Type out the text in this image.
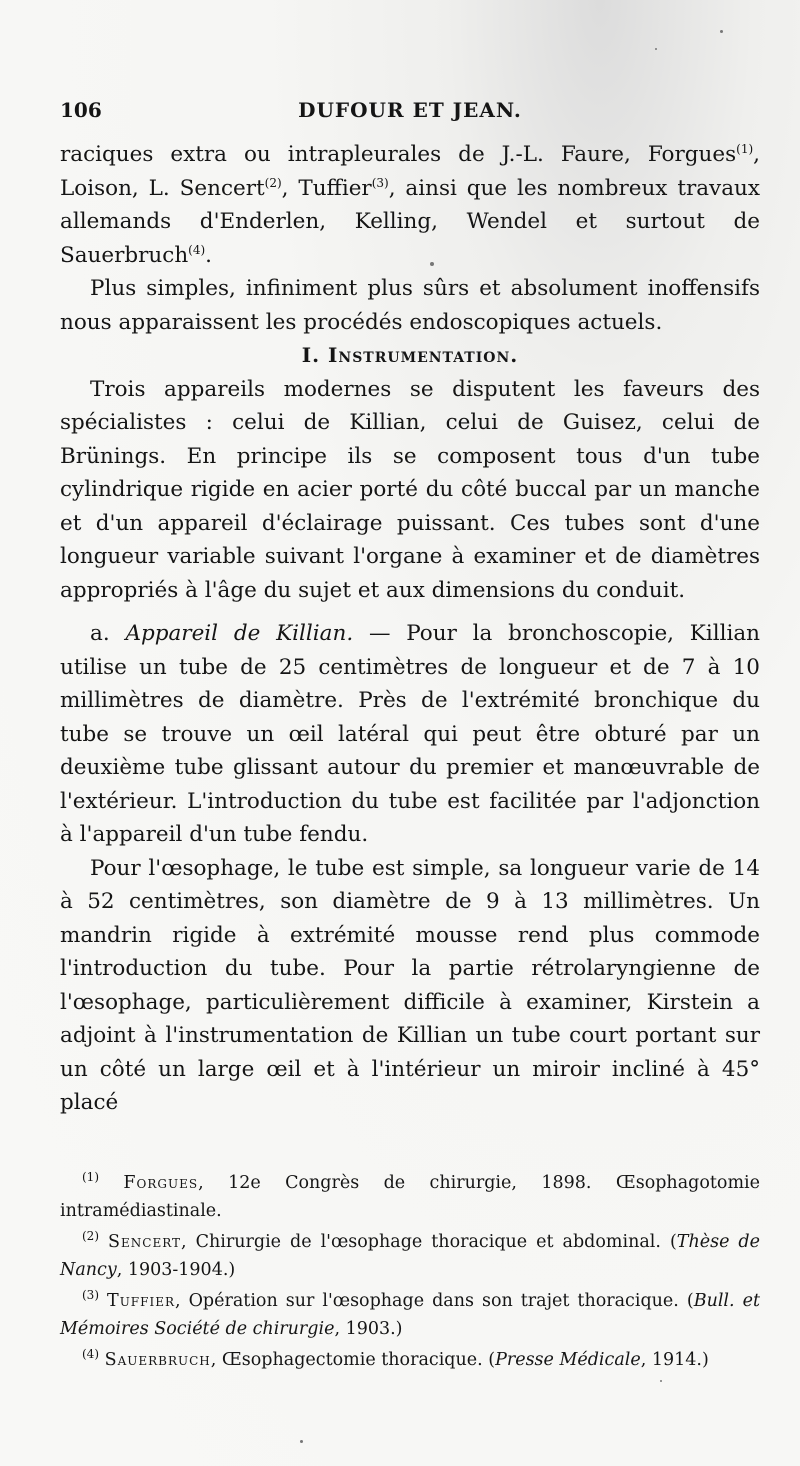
106	DUFOUR ET JEAN.

raciques extra ou intrapleurales de J.-L. Faure, Forgues$^{(1)}$, Loison, L. Sencert$^{(2)}$, Tuffier$^{(3)}$, ainsi que les nombreux travaux allemands d'Enderlen, Kelling, Wendel et surtout de Sauerbruch$^{(4)}$.

Plus simples, infiniment plus sûrs et absolument inoffensifs nous apparaissent les procédés endoscopiques actuels.

I. Instrumentation.

Trois appareils modernes se disputent les faveurs des spécialistes : celui de Killian, celui de Guisez, celui de Brünings. En principe ils se composent tous d'un tube cylindrique rigide en acier porté du côté buccal par un manche et d'un appareil d'éclairage puissant. Ces tubes sont d'une longueur variable suivant l'organe à examiner et de diamètres appropriés à l'âge du sujet et aux dimensions du conduit.

a. Appareil de Killian. — Pour la bronchoscopie, Killian utilise un tube de 25 centimètres de longueur et de 7 à 10 millimètres de diamètre. Près de l'extrémité bronchique du tube se trouve un œil latéral qui peut être obturé par un deuxième tube glissant autour du premier et manœuvrable de l'extérieur. L'introduction du tube est facilitée par l'adjonction à l'appareil d'un tube fendu.

Pour l'œsophage, le tube est simple, sa longueur varie de 14 à 52 centimètres, son diamètre de 9 à 13 millimètres. Un mandrin rigide à extrémité mousse rend plus commode l'introduction du tube. Pour la partie rétrolaryngienne de l'œsophage, particulièrement difficile à examiner, Kirstein a adjoint à l'instrumentation de Killian un tube court portant sur un côté un large œil et à l'intérieur un miroir incliné à 45° placé

$^{(1)}$ Forgues, 12e Congrès de chirurgie, 1898. Œsophagotomie intramédiastinale.

$^{(2)}$ Sencert, Chirurgie de l'œsophage thoracique et abdominal. (Thèse de Nancy, 1903-1904.)

$^{(3)}$ Tuffier, Opération sur l'œsophage dans son trajet thoracique. (Bull. et Mémoires Société de chirurgie, 1903.)

$^{(4)}$ Sauerbruch, Œsophagectomie thoracique. (Presse Médicale, 1914.)
